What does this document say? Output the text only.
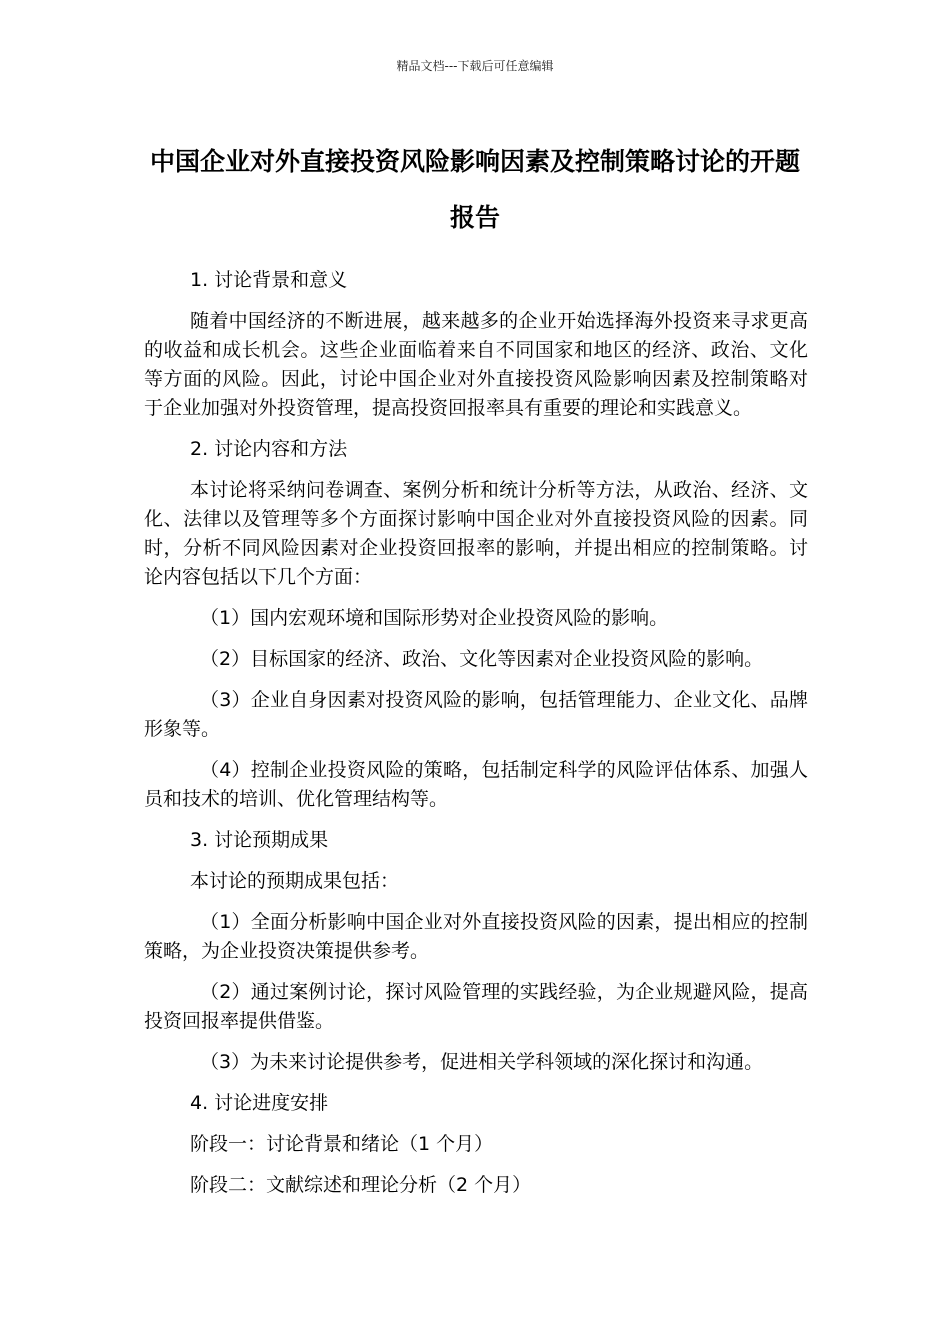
精品文档---下载后可任意编辑
中国企业对外直接投资风险影响因素及控制策略讨论的开题报告

1. 讨论背景和意义

随着中国经济的不断进展，越来越多的企业开始选择海外投资来寻求更高的收益和成长机会。这些企业面临着来自不同国家和地区的经济、政治、文化等方面的风险。因此，讨论中国企业对外直接投资风险影响因素及控制策略对于企业加强对外投资管理，提高投资回报率具有重要的理论和实践意义。

2. 讨论内容和方法

本讨论将采纳问卷调查、案例分析和统计分析等方法，从政治、经济、文化、法律以及管理等多个方面探讨影响中国企业对外直接投资风险的因素。同时，分析不同风险因素对企业投资回报率的影响，并提出相应的控制策略。讨论内容包括以下几个方面：

（1）国内宏观环境和国际形势对企业投资风险的影响。

（2）目标国家的经济、政治、文化等因素对企业投资风险的影响。

（3）企业自身因素对投资风险的影响，包括管理能力、企业文化、品牌形象等。

（4）控制企业投资风险的策略，包括制定科学的风险评估体系、加强人员和技术的培训、优化管理结构等。

3. 讨论预期成果

本讨论的预期成果包括：

（1）全面分析影响中国企业对外直接投资风险的因素，提出相应的控制策略，为企业投资决策提供参考。

（2）通过案例讨论，探讨风险管理的实践经验，为企业规避风险，提高投资回报率提供借鉴。

（3）为未来讨论提供参考，促进相关学科领域的深化探讨和沟通。

4. 讨论进度安排

阶段一：讨论背景和绪论（1 个月）

阶段二：文献综述和理论分析（2 个月）
